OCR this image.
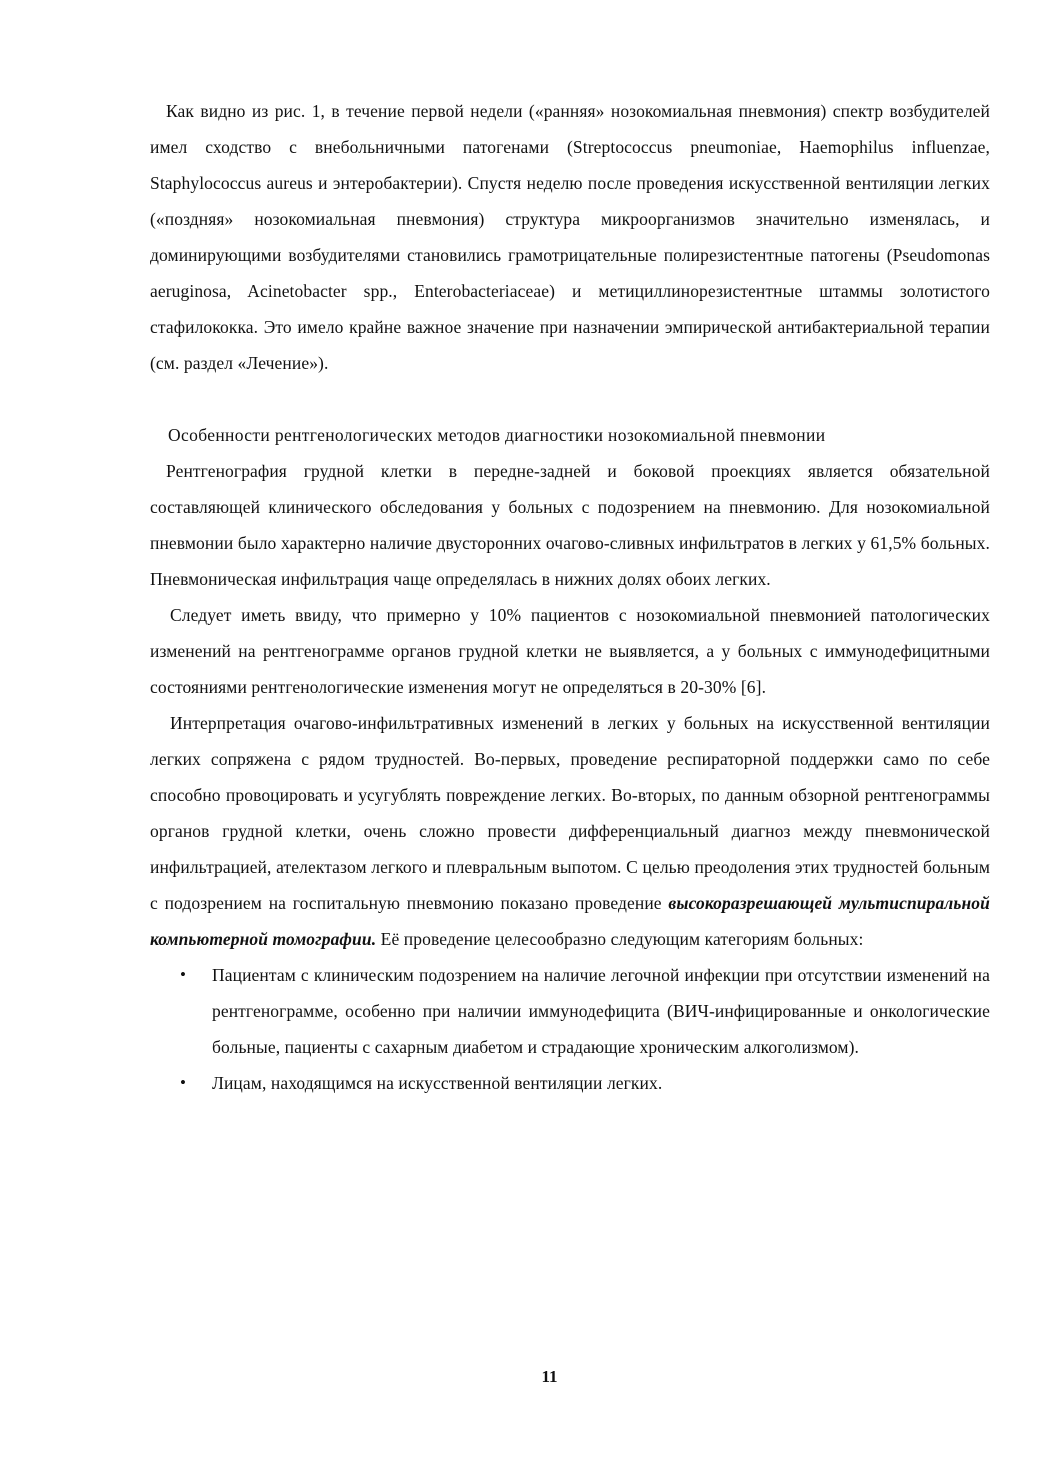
Как видно из рис. 1, в течение первой недели («ранняя» нозокомиальная пневмония) спектр возбудителей имел сходство с внебольничными патогенами (Streptococcus pneumoniae, Haemophilus influenzae, Staphylococcus aureus и энтеробактерии). Спустя неделю после проведения искусственной вентиляции легких («поздняя» нозокомиальная пневмония) структура микроорганизмов значительно изменялась, и доминирующими возбудителями становились грамотрицательные полирезистентные патогены (Pseudomonas aeruginosa, Acinetobacter spp., Enterobacteriaceae) и метициллинорезистентные штаммы золотистого стафилококка. Это имело крайне важное значение при назначении эмпирической антибактериальной терапии (см. раздел «Лечение»).

Особенности рентгенологических методов диагностики нозокомиальной пневмонии

Рентгенография грудной клетки в передне-задней и боковой проекциях является обязательной составляющей клинического обследования у больных с подозрением на пневмонию. Для нозокомиальной пневмонии было характерно наличие двусторонних очагово-сливных инфильтратов в легких у 61,5% больных. Пневмоническая инфильтрация чаще определялась в нижних долях обоих легких.

Следует иметь ввиду, что примерно у 10% пациентов с нозокомиальной пневмонией патологических изменений на рентгенограмме органов грудной клетки не выявляется, а у больных с иммунодефицитными состояниями рентгенологические изменения могут не определяться в 20-30% [6].

Интерпретация очагово-инфильтративных изменений в легких у больных на искусственной вентиляции легких сопряжена с рядом трудностей. Во-первых, проведение респираторной поддержки само по себе способно провоцировать и усугублять повреждение легких. Во-вторых, по данным обзорной рентгенограммы органов грудной клетки, очень сложно провести дифференциальный диагноз между пневмонической инфильтрацией, ателектазом легкого и плевральным выпотом. С целью преодоления этих трудностей больным с подозрением на госпитальную пневмонию показано проведение высокоразрешающей мультиспиральной компьютерной томографии. Её проведение целесообразно следующим категориям больных:

• Пациентам с клиническим подозрением на наличие легочной инфекции при отсутствии изменений на рентгенограмме, особенно при наличии иммунодефицита (ВИЧ-инфицированные и онкологические больные, пациенты с сахарным диабетом и страдающие хроническим алкоголизмом).
• Лицам, находящимся на искусственной вентиляции легких.
11
